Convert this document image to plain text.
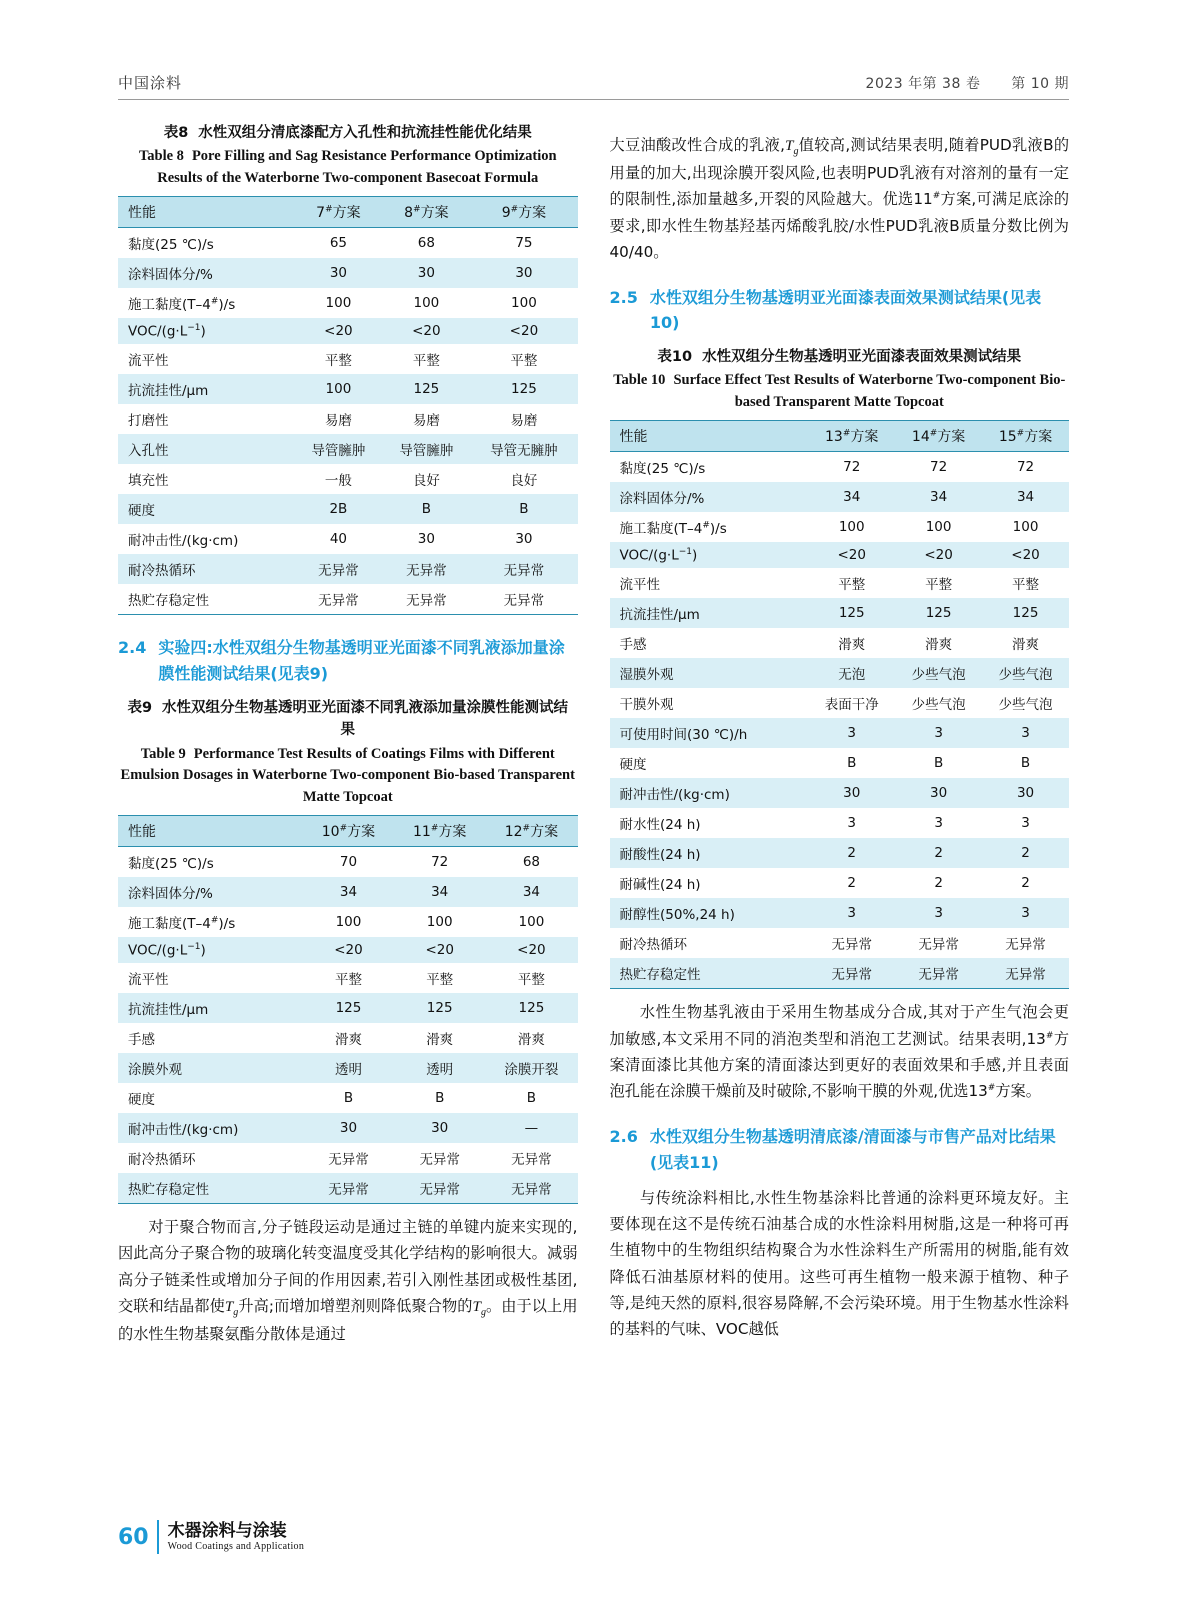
中国涂料	2023 年第 38 卷 第 10 期
表8 水性双组分清底漆配方入孔性和抗流挂性能优化结果
Table 8 Pore Filling and Sag Resistance Performance Optimization Results of the Waterborne Two-component Basecoat Formula
性能	7#方案	8#方案	9#方案
黏度(25 ℃)/s	65	68	75
涂料固体分/%	30	30	30
施工黏度(T–4#)/s	100	100	100
VOC/$(g\cdot L^{-1})$	<20	<20	<20
流平性	平整	平整	平整
抗流挂性/μm	100	125	125
打磨性	易磨	易磨	易磨
入孔性	导管臃肿	导管臃肿	导管无臃肿
填充性	一般	良好	良好
硬度	2B	B	B
耐冲击性/(kg·cm)	40	30	30
耐冷热循环	无异常	无异常	无异常
热贮存稳定性	无异常	无异常	无异常
2.4 实验四:水性双组分生物基透明亚光面漆不同乳液添加量涂膜性能测试结果(见表9)
表9 水性双组分生物基透明亚光面漆不同乳液添加量涂膜性能测试结果
Table 9 Performance Test Results of Coatings Films with Different Emulsion Dosages in Waterborne Two-component Bio-based Transparent Matte Topcoat
性能	10#方案	11#方案	12#方案
黏度(25 ℃)/s	70	72	68
涂料固体分/%	34	34	34
施工黏度(T–4#)/s	100	100	100
VOC/$(g\cdot L^{-1})$	<20	<20	<20
流平性	平整	平整	平整
抗流挂性/μm	125	125	125
手感	滑爽	滑爽	滑爽
涂膜外观	透明	透明	涂膜开裂
硬度	B	B	B
耐冲击性/(kg·cm)	30	30	—
耐冷热循环	无异常	无异常	无异常
热贮存稳定性	无异常	无异常	无异常

对于聚合物而言,分子链段运动是通过主链的单键内旋来实现的,因此高分子聚合物的玻璃化转变温度受其化学结构的影响很大。减弱高分子链柔性或增加分子间的作用因素,若引入刚性基团或极性基团,交联和结晶都使$T_g$升高;而增加增塑剂则降低聚合物的$T_g$。由于以上用的水性生物基聚氨酯分散体是通过

大豆油酸改性合成的乳液$,T_g$值较高,测试结果表明,随着PUD乳液B的用量的加大,出现涂膜开裂风险,也表明PUD乳液有对溶剂的量有一定的限制性,添加量越多,开裂的风险越大。优选11#方案,可满足底涂的要求,即水性生物基羟基丙烯酸乳胶/水性PUD乳液B质量分数比例为40/40。

2.5 水性双组分生物基透明亚光面漆表面效果测试结果(见表10)
表10 水性双组分生物基透明亚光面漆表面效果测试结果
Table 10 Surface Effect Test Results of Waterborne Two-component Bio-based Transparent Matte Topcoat
性能	13#方案	14#方案	15#方案
黏度(25 ℃)/s	72	72	72
涂料固体分/%	34	34	34
施工黏度(T–4#)/s	100	100	100
VOC/$(g\cdot L^{-1})$	<20	<20	<20
流平性	平整	平整	平整
抗流挂性/μm	125	125	125
手感	滑爽	滑爽	滑爽
湿膜外观	无泡	少些气泡	少些气泡
干膜外观	表面干净	少些气泡	少些气泡
可使用时间(30 ℃)/h	3	3	3
硬度	B	B	B
耐冲击性/(kg·cm)	30	30	30
耐水性(24 h)	3	3	3
耐酸性(24 h)	2	2	2
耐碱性(24 h)	2	2	2
耐醇性(50%,24 h)	3	3	3
耐冷热循环	无异常	无异常	无异常
热贮存稳定性	无异常	无异常	无异常

水性生物基乳液由于采用生物基成分合成,其对于产生气泡会更加敏感,本文采用不同的消泡类型和消泡工艺测试。结果表明,13#方案清面漆比其他方案的清面漆达到更好的表面效果和手感,并且表面泡孔能在涂膜干燥前及时破除,不影响干膜的外观,优选13#方案。

2.6 水性双组分生物基透明清底漆/清面漆与市售产品对比结果(见表11)

与传统涂料相比,水性生物基涂料比普通的涂料更环境友好。主要体现在这不是传统石油基合成的水性涂料用树脂,这是一种将可再生植物中的生物组织结构聚合为水性涂料生产所需用的树脂,能有效降低石油基原材料的使用。这些可再生植物一般来源于植物、种子等,是纯天然的原料,很容易降解,不会污染环境。用于生物基水性涂料的基料的气味、VOC越低

60 木器涂料与涂装
Wood Coatings and Application
